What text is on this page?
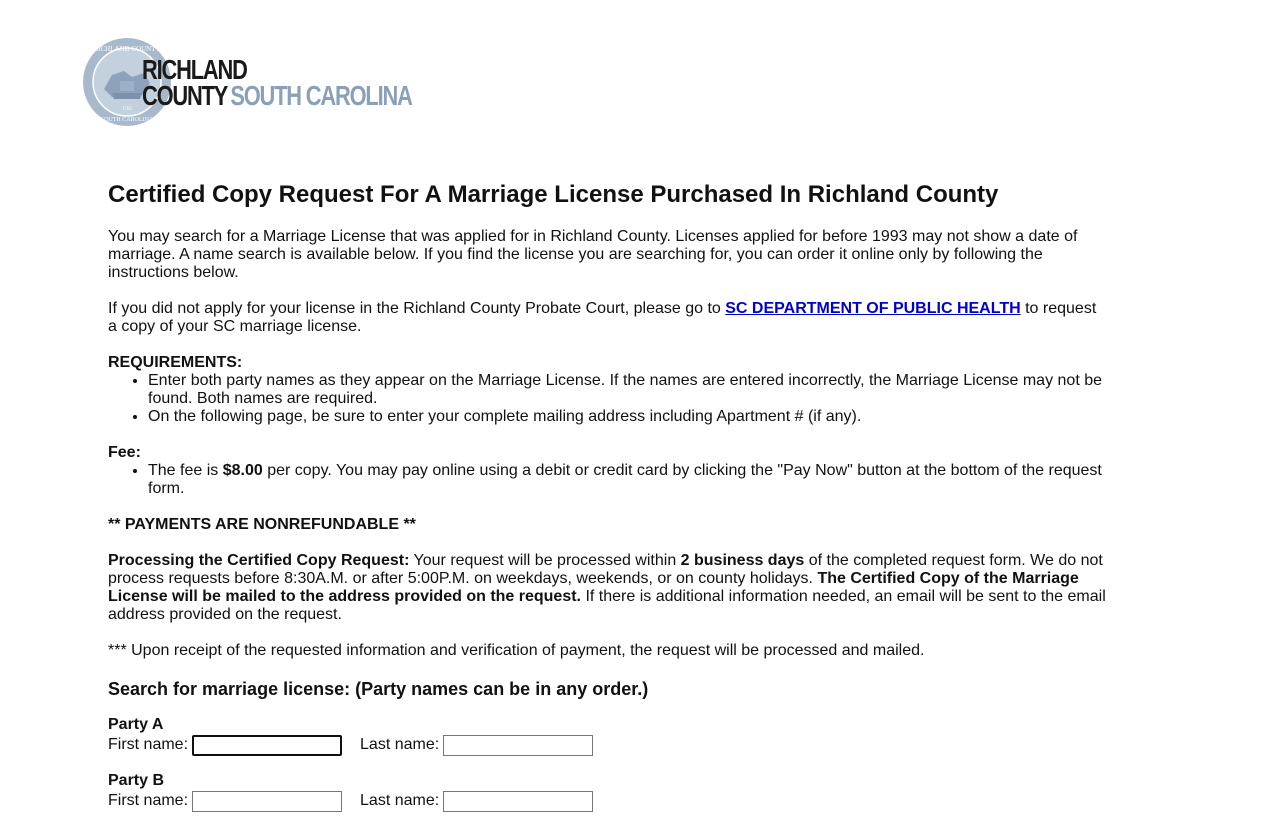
RICHLAND COUNTY
SOUTH CAROLINA
1785
RICHLAND
COUNTY SOUTH CAROLINA
Certified Copy Request For A Marriage License Purchased In Richland County

You may search for a Marriage License that was applied for in Richland County. Licenses applied for before 1993 may not show a date of marriage. A name search is available below. If you find the license you are searching for, you can order it online only by following the instructions below.

If you did not apply for your license in the Richland County Probate Court, please go to SC DEPARTMENT OF PUBLIC HEALTH to request a copy of your SC marriage license.

REQUIREMENTS:
• Enter both party names as they appear on the Marriage License. If the names are entered incorrectly, the Marriage License may not be found. Both names are required.
• On the following page, be sure to enter your complete mailing address including Apartment # (if any).
Fee:
• The fee is $8.00 per copy. You may pay online using a debit or credit card by clicking the "Pay Now" button at the bottom of the request form.

** PAYMENTS ARE NONREFUNDABLE **

Processing the Certified Copy Request: Your request will be processed within 2 business days of the completed request form. We do not process requests before 8:30A.M. or after 5:00P.M. on weekdays, weekends, or on county holidays. The Certified Copy of the Marriage License will be mailed to the address provided on the request. If there is additional information needed, an email will be sent to the email address provided on the request.

*** Upon receipt of the requested information and verification of payment, the request will be processed and mailed.

Search for marriage license: (Party names can be in any order.)
Party A
First name:	Last name:
Party B
First name:	Last name:
